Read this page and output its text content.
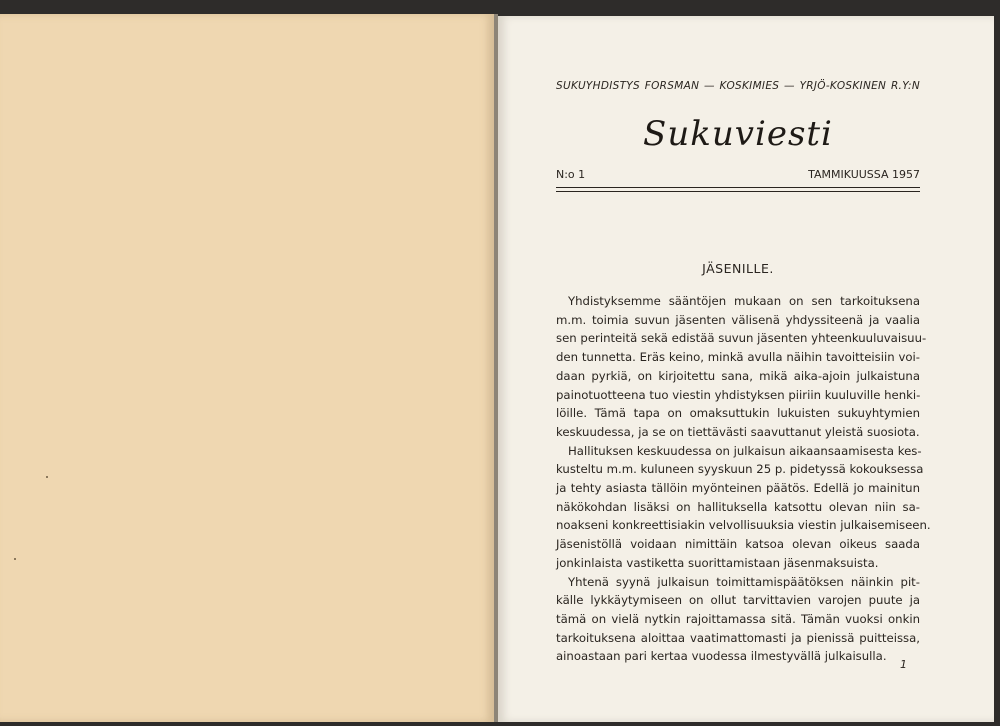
SUKUYHDISTYS FORSMAN — KOSKIMIES — YRJÖ-KOSKINEN R.Y:N
Sukuviesti
N:o 1	TAMMIKUUSSA 1957
JÄSENILLE.
Yhdistyksemme sääntöjen mukaan on sen tarkoituksena
m.m. toimia suvun jäsenten välisenä yhdyssiteenä ja vaalia
sen perinteitä sekä edistää suvun jäsenten yhteenkuuluvaisuu-
den tunnetta. Eräs keino, minkä avulla näihin tavoitteisiin voi-
daan pyrkiä, on kirjoitettu sana, mikä aika-ajoin julkaistuna
painotuotteena tuo viestin yhdistyksen piiriin kuuluville henki-
löille. Tämä tapa on omaksuttukin lukuisten sukuyhtymien
keskuudessa, ja se on tiettävästi saavuttanut yleistä suosiota.
Hallituksen keskuudessa on julkaisun aikaansaamisesta kes-
kusteltu m.m. kuluneen syyskuun 25 p. pidetyssä kokouksessa
ja tehty asiasta tällöin myönteinen päätös. Edellä jo mainitun
näkökohdan lisäksi on hallituksella katsottu olevan niin sa-
noakseni konkreettisiakin velvollisuuksia viestin julkaisemiseen.
Jäsenistöllä voidaan nimittäin katsoa olevan oikeus saada
jonkinlaista vastiketta suorittamistaan jäsenmaksuista.
Yhtenä syynä julkaisun toimittamispäätöksen näinkin pit-
källe lykkäytymiseen on ollut tarvittavien varojen puute ja
tämä on vielä nytkin rajoittamassa sitä. Tämän vuoksi onkin
tarkoituksena aloittaa vaatimattomasti ja pienissä puitteissa,
ainoastaan pari kertaa vuodessa ilmestyvällä julkaisulla.
1
